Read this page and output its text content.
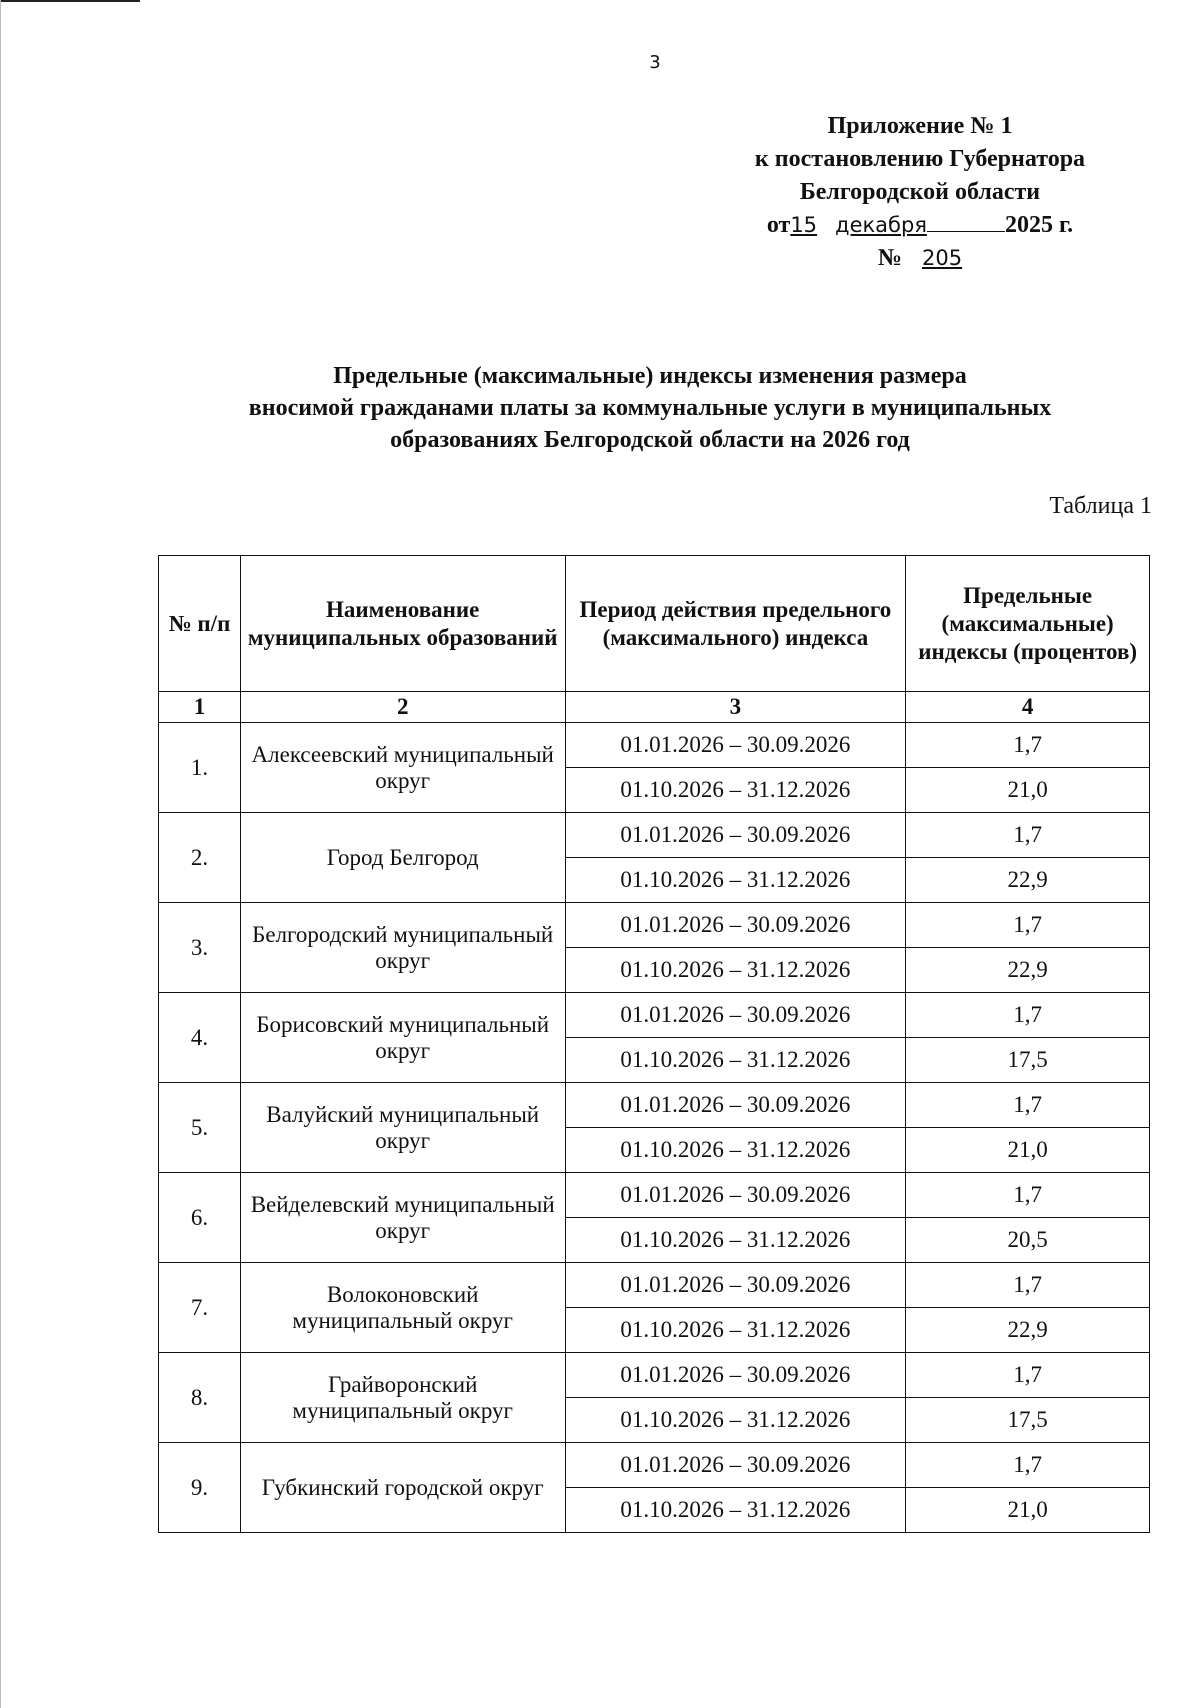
3
Приложение № 1
к постановлению Губернатора
Белгородской области
от15 декабря	2025 г.
№ 205
Предельные (максимальные) индексы изменения размера
вносимой гражданами платы за коммунальные услуги в муниципальных
образованиях Белгородской области на 2026 год
Таблица 1
№ п/п	Наименование муниципальных образований	Период действия предельного (максимального) индекса	Предельные (максимальные) индексы (процентов)
1	2	3	4
1.	Алексеевский муниципальный округ	01.01.2026 – 30.09.2026	1,7
		01.10.2026 – 31.12.2026	21,0
2.	Город Белгород	01.01.2026 – 30.09.2026	1,7
		01.10.2026 – 31.12.2026	22,9
3.	Белгородский муниципальный округ	01.01.2026 – 30.09.2026	1,7
		01.10.2026 – 31.12.2026	22,9
4.	Борисовский муниципальный округ	01.01.2026 – 30.09.2026	1,7
		01.10.2026 – 31.12.2026	17,5
5.	Валуйский муниципальный округ	01.01.2026 – 30.09.2026	1,7
		01.10.2026 – 31.12.2026	21,0
6.	Вейделевский муниципальный округ	01.01.2026 – 30.09.2026	1,7
		01.10.2026 – 31.12.2026	20,5
7.	Волоконовский муниципальный округ	01.01.2026 – 30.09.2026	1,7
		01.10.2026 – 31.12.2026	22,9
8.	Грайворонский муниципальный округ	01.01.2026 – 30.09.2026	1,7
		01.10.2026 – 31.12.2026	17,5
9.	Губкинский городской округ	01.01.2026 – 30.09.2026	1,7
		01.10.2026 – 31.12.2026	21,0
